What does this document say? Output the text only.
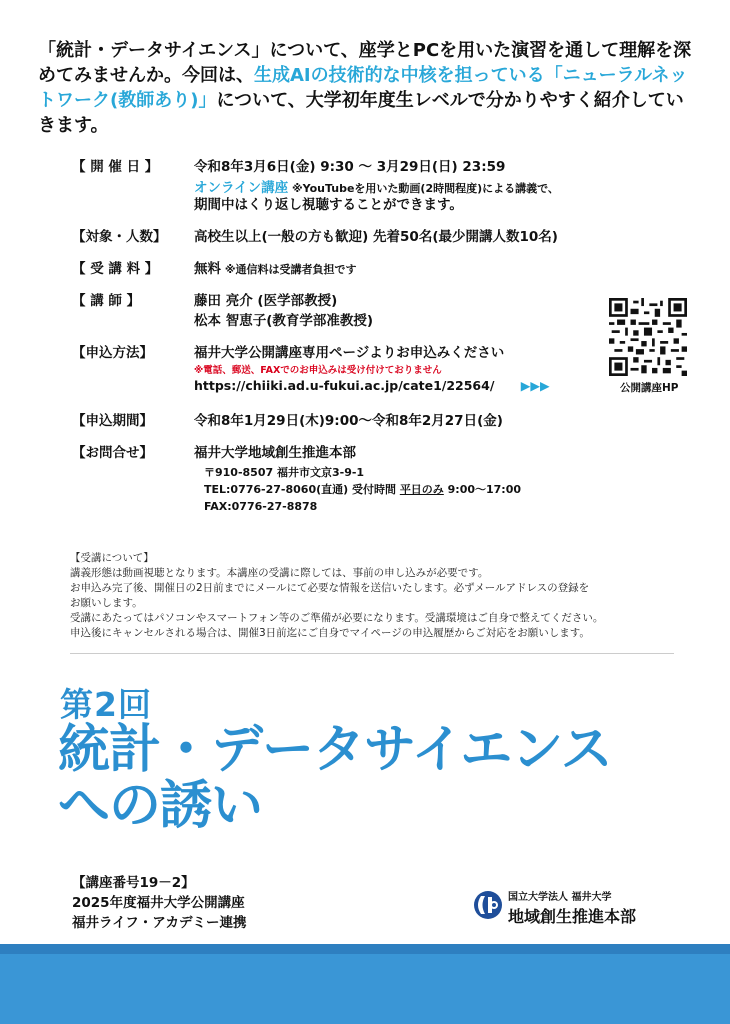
「統計・データサイエンス」について、座学とPCを用いた演習を通して理解を深めてみませんか。今回は、生成AIの技術的な中核を担っている「ニューラルネットワーク(教師あり)」について、大学初年度生レベルで分かりやすく紹介していきます。
【 開 催 日 】	令和8年3月6日(金) 9:30 ～ 3月29日(日) 23:59
オンライン講座 ※YouTubeを用いた動画(2時間程度)による講義で、
期間中はくり返し視聴することができます。
【対象・人数】	高校生以上(一般の方も歓迎) 先着50名(最少開講人数10名)
【 受 講 料 】	無料 ※通信料は受講者負担です
【 講 師 】	藤田 亮介 (医学部教授)
松本 智恵子(教育学部准教授)
【申込方法】	福井大学公開講座専用ページよりお申込みください
※電話、郵送、FAXでのお申込みは受け付けておりません
https://chiiki.ad.u-fukui.ac.jp/cate1/22564/ ▶▶▶
【申込期間】	令和8年1月29日(木)9:00～令和8年2月27日(金)
【お問合せ】	福井大学地域創生推進本部
〒910-8507 福井市文京3-9-1
TEL:0776-27-8060(直通) 受付時間 平日のみ 9:00～17:00
FAX:0776-27-8878
公開講座HP
【受講について】
講義形態は動画視聴となります。本講座の受講に際しては、事前の申し込みが必要です。
お申込み完了後、開催日の2日前までにメールにて必要な情報を送信いたします。必ずメールアドレスの登録を
お願いします。
受講にあたってはパソコンやスマートフォン等のご準備が必要になります。受講環境はご自身で整えてください。
申込後にキャンセルされる場合は、開催3日前迄にご自身でマイページの申込履歴からご対応をお願いします。
第2回
統計・データサイエンス
への誘い
【講座番号19－2】
2025年度福井大学公開講座
福井ライフ・アカデミー連携
国立大学法人 福井大学
地域創生推進本部
